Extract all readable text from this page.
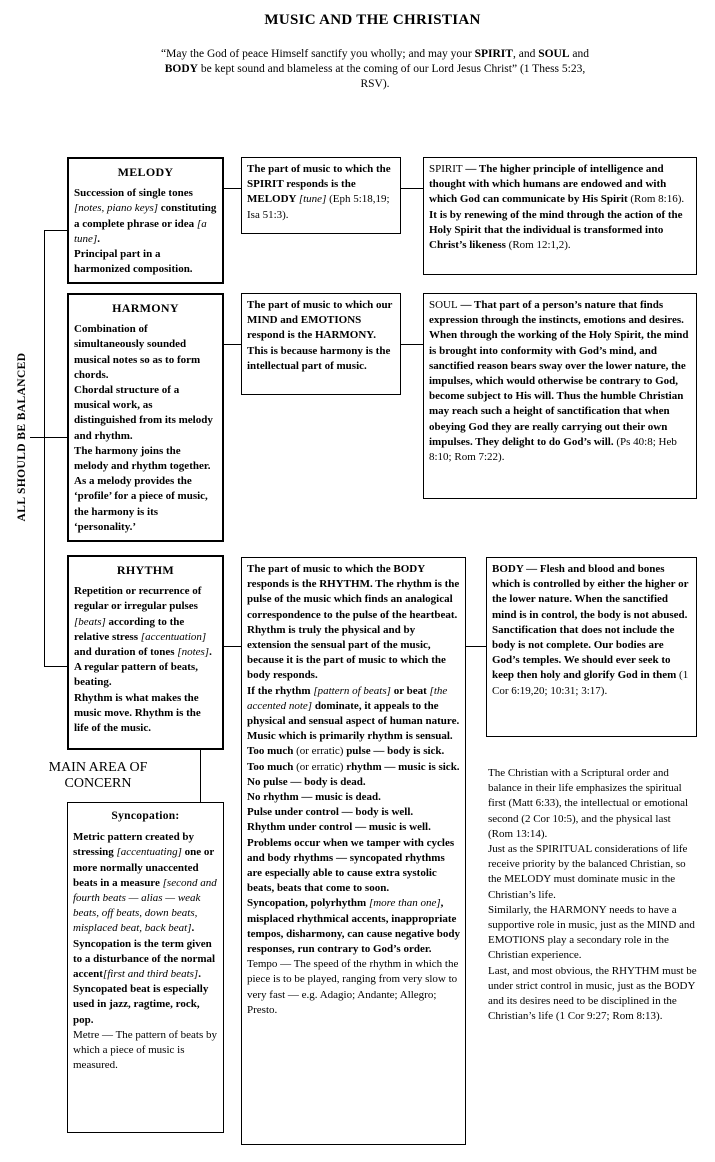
MUSIC AND THE CHRISTIAN
“May the God of peace Himself sanctify you wholly; and may your SPIRIT, and SOUL and BODY be kept sound and blameless at the coming of our Lord Jesus Christ” (1 Thess 5:23, RSV).
ALL SHOULD BE BALANCED
MELODY

Succession of single tones [notes, piano keys] constituting a complete phrase or idea [a tune].

Principal part in a harmonized composition.

The part of music to which the SPIRIT responds is the MELODY [tune] (Eph 5:18,19; Isa 51:3).

SPIRIT — The higher principle of intelligence and thought with which humans are endowed and with which God can communicate by His Spirit (Rom 8:16). It is by renewing of the mind through the action of the Holy Spirit that the individual is transformed into Christ’s likeness (Rom 12:1,2).

HARMONY

Combination of simultaneously sounded musical notes so as to form chords.

Chordal structure of a musical work, as distinguished from its melody and rhythm.

The harmony joins the melody and rhythm together. As a melody provides the ‘profile’ for a piece of music, the harmony is its ‘personality.’

The part of music to which our MIND and EMOTIONS respond is the HARMONY. This is because harmony is the intellectual part of music.

SOUL — That part of a person’s nature that finds expression through the instincts, emotions and desires. When through the working of the Holy Spirit, the mind is brought into conformity with God’s mind, and sanctified reason bears sway over the lower nature, the impulses, which would otherwise be contrary to God, become subject to His will. Thus the humble Christian may reach such a height of sanctification that when obeying God they are really carrying out their own impulses. They delight to do God’s will. (Ps 40:8; Heb 8:10; Rom 7:22).

RHYTHM

Repetition or recurrence of regular or irregular pulses [beats] according to the relative stress [accentuation] and duration of tones [notes].

A regular pattern of beats, beating.

Rhythm is what makes the music move. Rhythm is the life of the music.

The part of music to which the BODY responds is the RHYTHM. The rhythm is the pulse of the music which finds an analogical correspondence to the pulse of the heartbeat. Rhythm is truly the physical and by extension the sensual part of the music, because it is the part of music to which the body responds.

If the rhythm [pattern of beats] or beat [the accented note] dominate, it appeals to the physical and sensual aspect of human nature.

Music which is primarily rhythm is sensual.

Too much (or erratic) pulse — body is sick.

Too much (or erratic) rhythm — music is sick.

No pulse — body is dead.

No rhythm — music is dead.

Pulse under control — body is well.

Rhythm under control — music is well.

Problems occur when we tamper with cycles and body rhythms — syncopated rhythms are especially able to cause extra systolic beats, beats that come to soon.

Syncopation, polyrhythm [more than one], misplaced rhythmical accents, inappropriate tempos, disharmony, can cause negative body responses, run contrary to God’s order.

Tempo — The speed of the rhythm in which the piece is to be played, ranging from very slow to very fast — e.g. Adagio; Andante; Allegro; Presto.

BODY — Flesh and blood and bones which is controlled by either the higher or the lower nature. When the sanctified mind is in control, the body is not abused. Sanctification that does not include the body is not complete. Our bodies are God’s temples. We should ever seek to keep then holy and glorify God in them (1 Cor 6:19,20; 10:31; 3:17).

MAIN AREA OF CONCERN
Syncopation:

Metric pattern created by stressing [accentuating] one or more normally unaccented beats in a measure [second and fourth beats — alias — weak beats, off beats, down beats, misplaced beat, back beat].

Syncopation is the term given to a disturbance of the normal accent[first and third beats].

Syncopated beat is especially used in jazz, ragtime, rock, pop.

Metre — The pattern of beats by which a piece of music is measured.

The Christian with a Scriptural order and balance in their life emphasizes the spiritual first (Matt 6:33), the intellectual or emotional second (2 Cor 10:5), and the physical last (Rom 13:14).

Just as the SPIRITUAL considerations of life receive priority by the balanced Christian, so the MELODY must dominate music in the Christian’s life.

Similarly, the HARMONY needs to have a supportive role in music, just as the MIND and EMOTIONS play a secondary role in the Christian experience.

Last, and most obvious, the RHYTHM must be under strict control in music, just as the BODY and its desires need to be disciplined in the Christian’s life (1 Cor 9:27; Rom 8:13).
